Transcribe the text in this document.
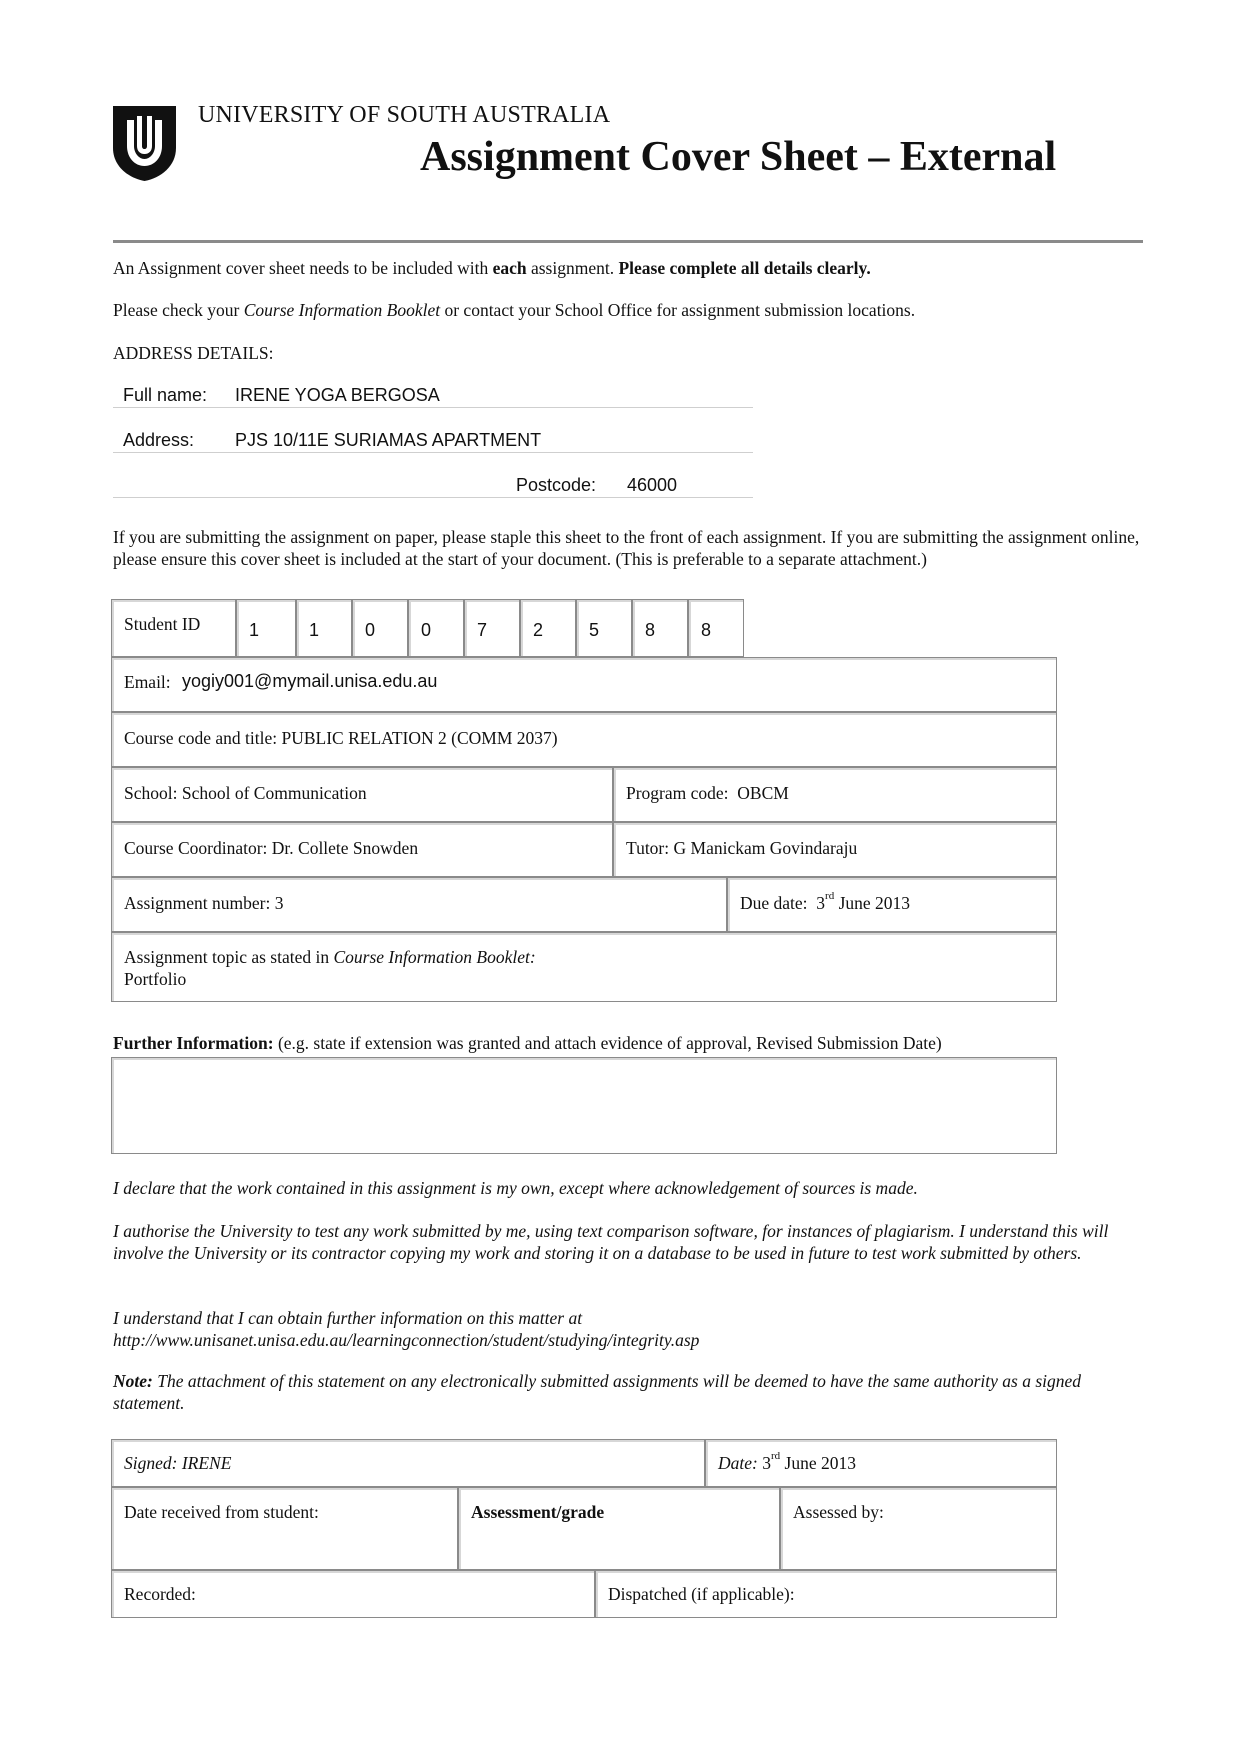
UNIVERSITY OF SOUTH AUSTRALIA
Assignment Cover Sheet – External
An Assignment cover sheet needs to be included with each assignment. Please complete all details clearly.
Please check your Course Information Booklet or contact your School Office for assignment submission locations.
ADDRESS DETAILS:
Full name: IRENE YOGA BERGOSA
Address: PJS 10/11E SURIAMAS APARTMENT
Postcode: 46000
If you are submitting the assignment on paper, please staple this sheet to the front of each assignment. If you are submitting the assignment online, please ensure this cover sheet is included at the start of your document. (This is preferable to a separate attachment.)
Student ID	1	1	0	0	7	2	5	8	8
Email: yogiy001@mymail.unisa.edu.au
Course code and title: PUBLIC RELATION 2 (COMM 2037)
School: School of Communication	Program code: OBCM
Course Coordinator: Dr. Collete Snowden	Tutor: G Manickam Govindaraju
Assignment number: 3	Due date: 3rd June 2013
Assignment topic as stated in Course Information Booklet:
Portfolio
Further Information: (e.g. state if extension was granted and attach evidence of approval, Revised Submission Date)
I declare that the work contained in this assignment is my own, except where acknowledgement of sources is made.
I authorise the University to test any work submitted by me, using text comparison software, for instances of plagiarism. I understand this will involve the University or its contractor copying my work and storing it on a database to be used in future to test work submitted by others.
I understand that I can obtain further information on this matter at
http://www.unisanet.unisa.edu.au/learningconnection/student/studying/integrity.asp
Note: The attachment of this statement on any electronically submitted assignments will be deemed to have the same authority as a signed statement.
Signed: IRENE	Date: 3rd June 2013
Date received from student:	Assessment/grade	Assessed by:
Recorded:	Dispatched (if applicable):
